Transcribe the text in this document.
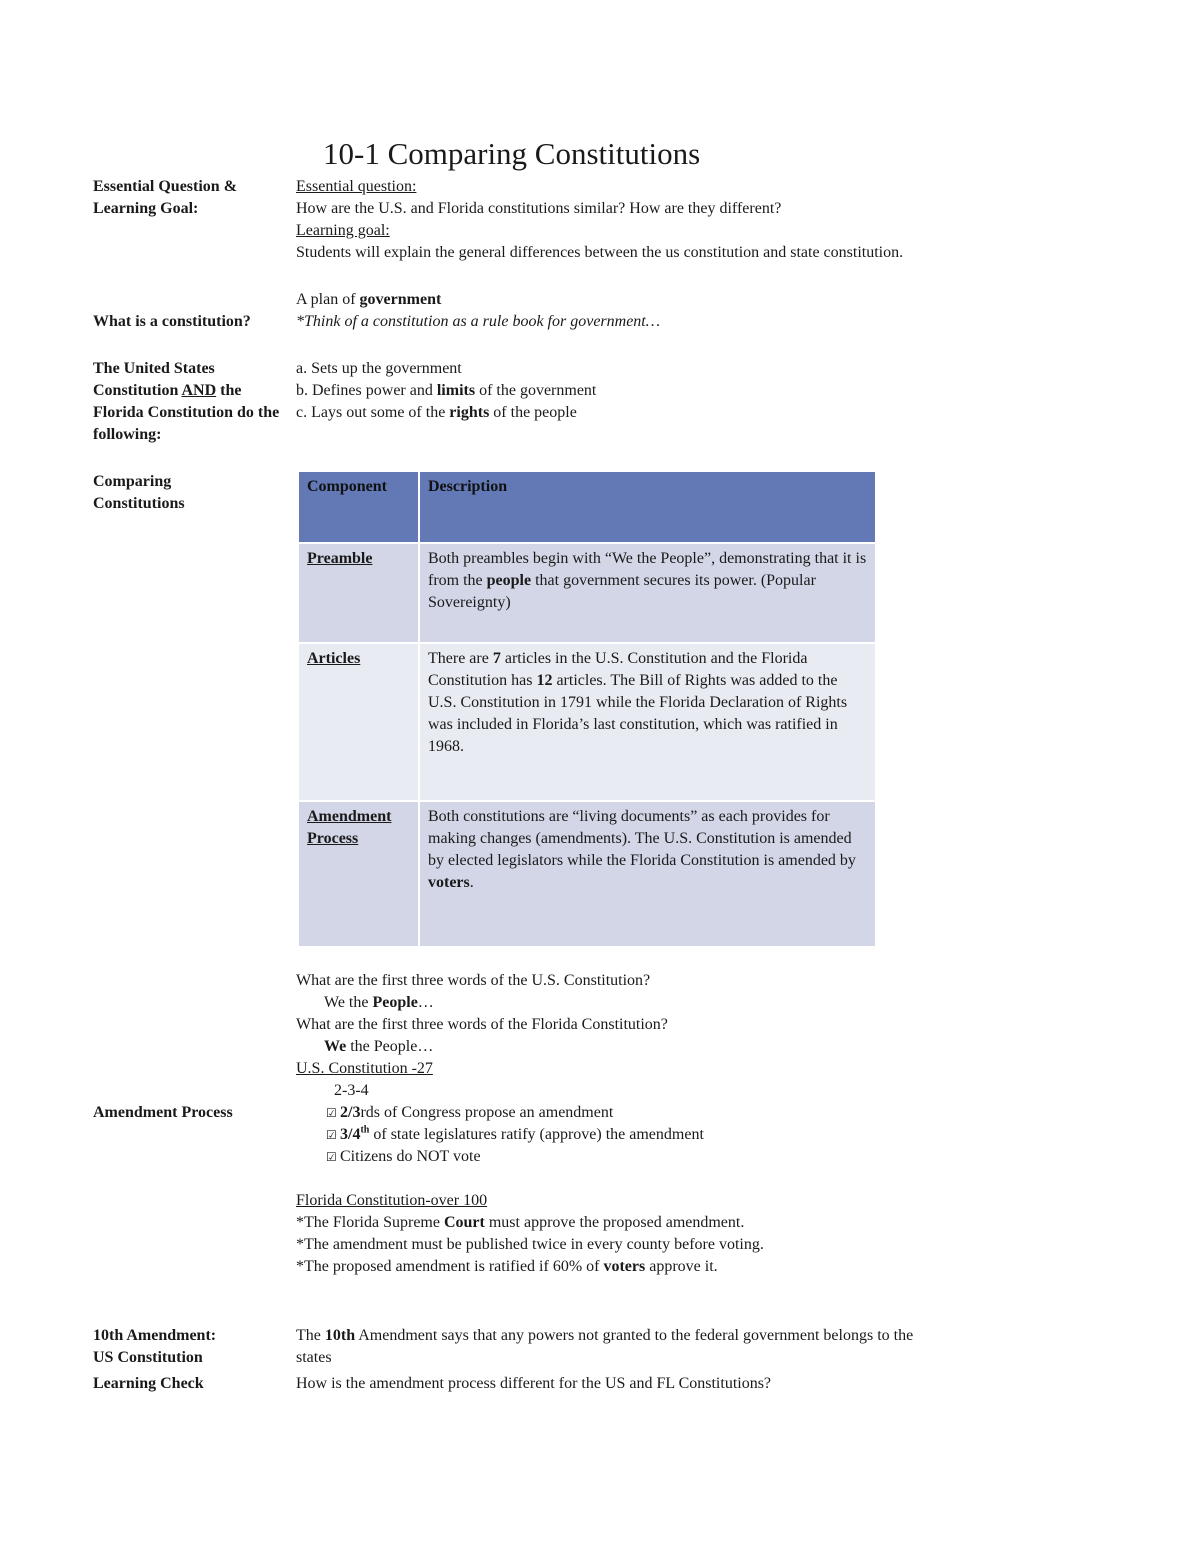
10-1 Comparing Constitutions
Essential Question &
Learning Goal:
Essential question:
How are the U.S. and Florida constitutions similar? How are they different?
Learning goal:
Students will explain the general differences between the us constitution and state constitution.
A plan of government
*Think of a constitution as a rule book for government…
What is a constitution?
The United States Constitution AND the Florida Constitution do the following:
a. Sets up the government
b. Defines power and limits of the government
c. Lays out some of the rights of the people
Comparing
Constitutions
Component	Description
Preamble	Both preambles begin with “We the People”, demonstrating that it is from the people that government secures its power. (Popular Sovereignty)
Articles	There are 7 articles in the U.S. Constitution and the Florida Constitution has 12 articles. The Bill of Rights was added to the U.S. Constitution in 1791 while the Florida Declaration of Rights was included in Florida’s last constitution, which was ratified in 1968.
Amendment Process	Both constitutions are “living documents” as each provides for making changes (amendments). The U.S. Constitution is amended by elected legislators while the Florida Constitution is amended by voters.
What are the first three words of the U.S. Constitution?
We the People…
What are the first three words of the Florida Constitution?
We the People…
U.S. Constitution -27
2-3-4
☑ 2/3rds of Congress propose an amendment
☑ 3/4th of state legislatures ratify (approve) the amendment
☑ Citizens do NOT vote
Florida Constitution-over 100
*The Florida Supreme Court must approve the proposed amendment.
*The amendment must be published twice in every county before voting.
*The proposed amendment is ratified if 60% of voters approve it.
Amendment Process
10th Amendment:
US Constitution
The 10th Amendment says that any powers not granted to the federal government belongs to the states
Learning Check	How is the amendment process different for the US and FL Constitutions?
